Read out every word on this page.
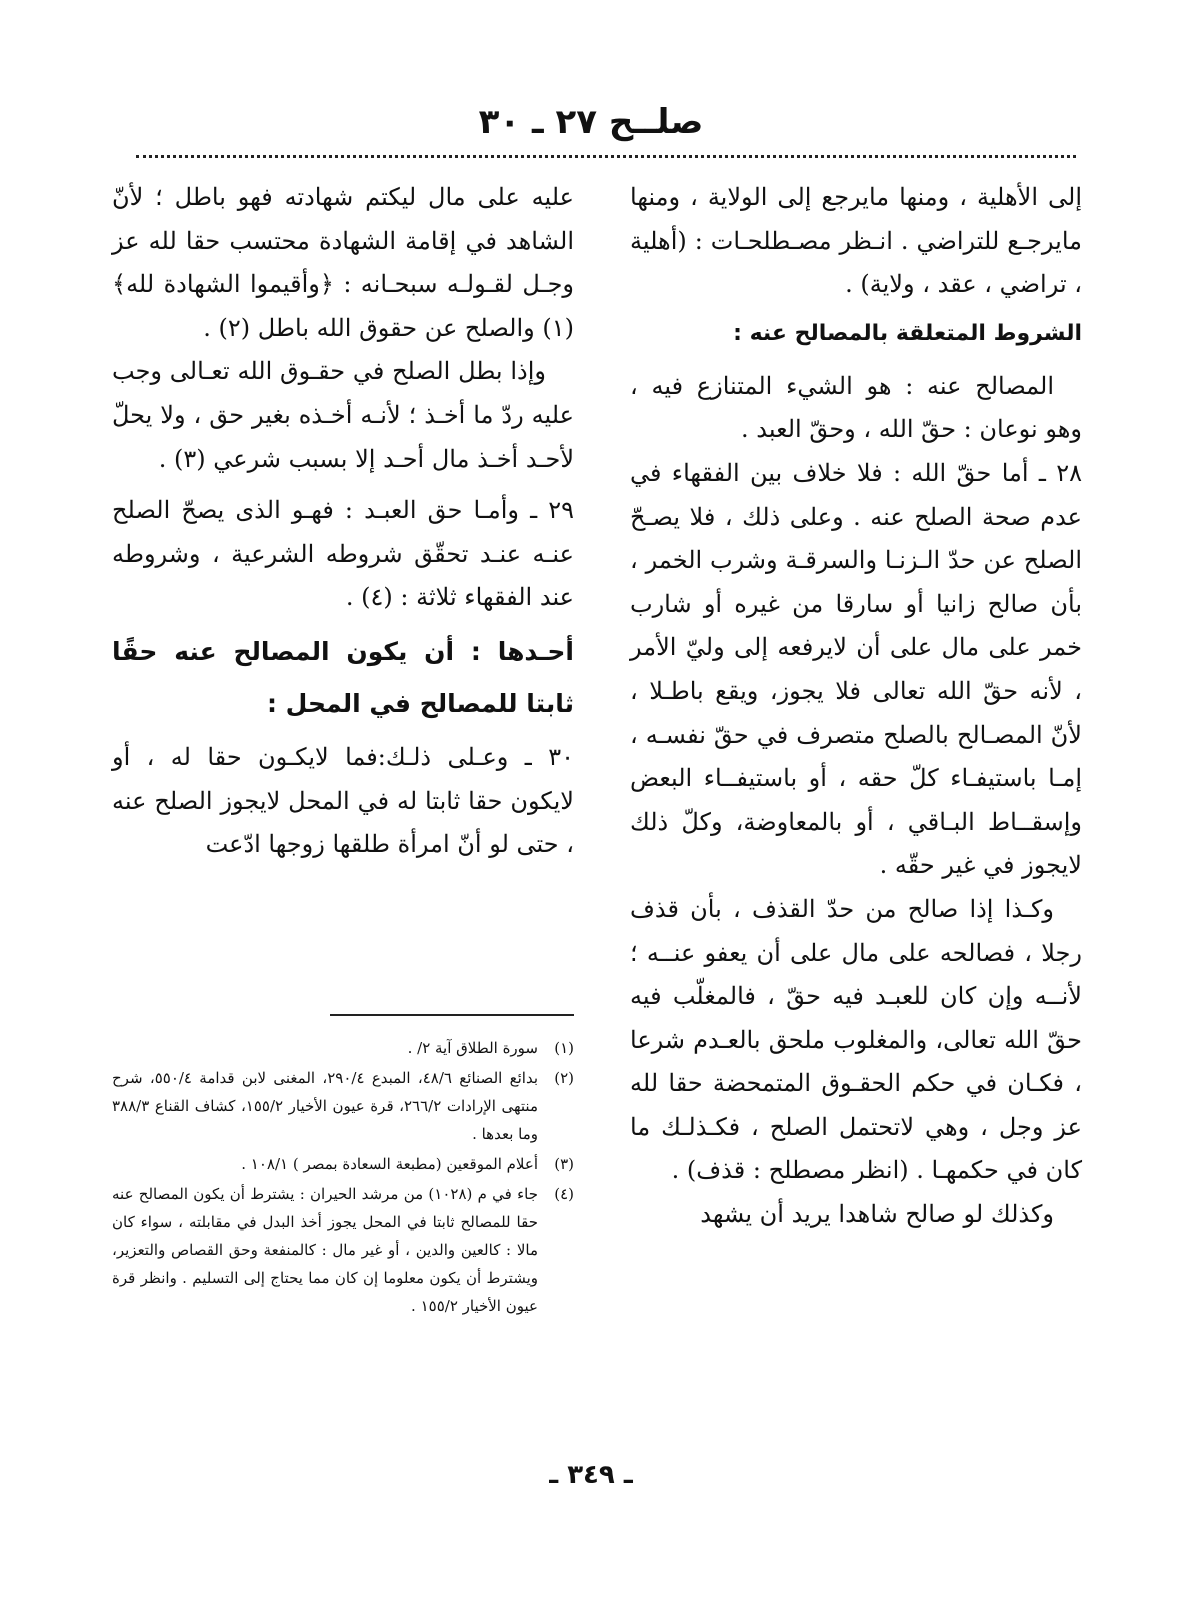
صلــح ٢٧ ـ ٣٠

إلى الأهلية ، ومنها مايرجع إلى الولاية ، ومنها مايرجـع للتراضي . انـظر مصـطلحـات : (أهلية ، تراضي ، عقد ، ولاية) .

الشروط المتعلقة بالمصالح عنه :

المصالح عنه : هو الشيء المتنازع فيه ، وهو نوعان : حقّ الله ، وحقّ العبد .

٢٨ ـ أما حقّ الله : فلا خلاف بين الفقهاء في عدم صحة الصلح عنه . وعلى ذلك ، فلا يصـحّ الصلح عن حدّ الـزنـا والسرقـة وشرب الخمر ، بأن صالح زانيا أو سارقا من غيره أو شارب خمر على مال على أن لايرفعه إلى وليّ الأمر ، لأنه حقّ الله تعالى فلا يجوز، ويقع باطـلا ، لأنّ المصـالح بالصلح متصرف في حقّ نفسـه ، إمـا باستيفـاء كلّ حقه ، أو باستيفــاء البعض وإسقــاط البـاقي ، أو بالمعاوضة، وكلّ ذلك لايجوز في غير حقّه .

وكـذا إذا صالح من حدّ القذف ، بأن قذف رجلا ، فصالحه على مال على أن يعفو عنــه ؛ لأنــه وإن كان للعبـد فيه حقّ ، فالمغلّب فيه حقّ الله تعالى، والمغلوب ملحق بالعـدم شرعا ، فكـان في حكم الحقـوق المتمحضة حقا لله عز وجل ، وهي لاتحتمل الصلح ، فكـذلـك ما كان في حكمهـا . (انظر مصطلح : قذف) .

وكذلك لو صالح شاهدا يريد أن يشهد

عليه على مال ليكتم شهادته فهو باطل ؛ لأنّ الشاهد في إقامة الشهادة محتسب حقا لله عز وجـل لقـولـه سبحـانه : ﴿وأقيموا الشهادة لله﴾ (١) والصلح عن حقوق الله باطل (٢) .

وإذا بطل الصلح في حقـوق الله تعـالى وجب عليه ردّ ما أخـذ ؛ لأنـه أخـذه بغير حق ، ولا يحلّ لأحـد أخـذ مال أحـد إلا بسبب شرعي (٣) .

٢٩ ـ وأمـا حق العبـد : فهـو الذى يصحّ الصلح عنـه عنـد تحقّق شروطه الشرعية ، وشروطه عند الفقهاء ثلاثة : (٤) .

أحـدها : أن يكون المصالح عنه حقًا ثابتا للمصالح في المحل :

٣٠ ـ وعـلى ذلـك:فما لايكـون حقا له ، أو لايكون حقا ثابتا له في المحل لايجوز الصلح عنه ، حتى لو أنّ امرأة طلقها زوجها ادّعت

(١)
سورة الطلاق آية ٢/ .
(٢)
بدائع الصنائع ٤٨/٦، المبدع ٢٩٠/٤، المغنى لابن قدامة ٥٥٠/٤، شرح منتهى الإرادات ٢٦٦/٢، قرة عيون الأخيار ١٥٥/٢، كشاف القناع ٣٨٨/٣ وما بعدها .
(٣)
أعلام الموقعين (مطبعة السعادة بمصر ) ١٠٨/١ .
(٤)
جاء في م (١٠٢٨) من مرشد الحيران : يشترط أن يكون المصالح عنه حقا للمصالح ثابتا في المحل يجوز أخذ البدل في مقابلته ، سواء كان مالا : كالعين والدين ، أو غير مال : كالمنفعة وحق القصاص والتعزير، ويشترط أن يكون معلوما إن كان مما يحتاج إلى التسليم . وانظر قرة عيون الأخيار ١٥٥/٢ .
ـ ٣٤٩ ـ
